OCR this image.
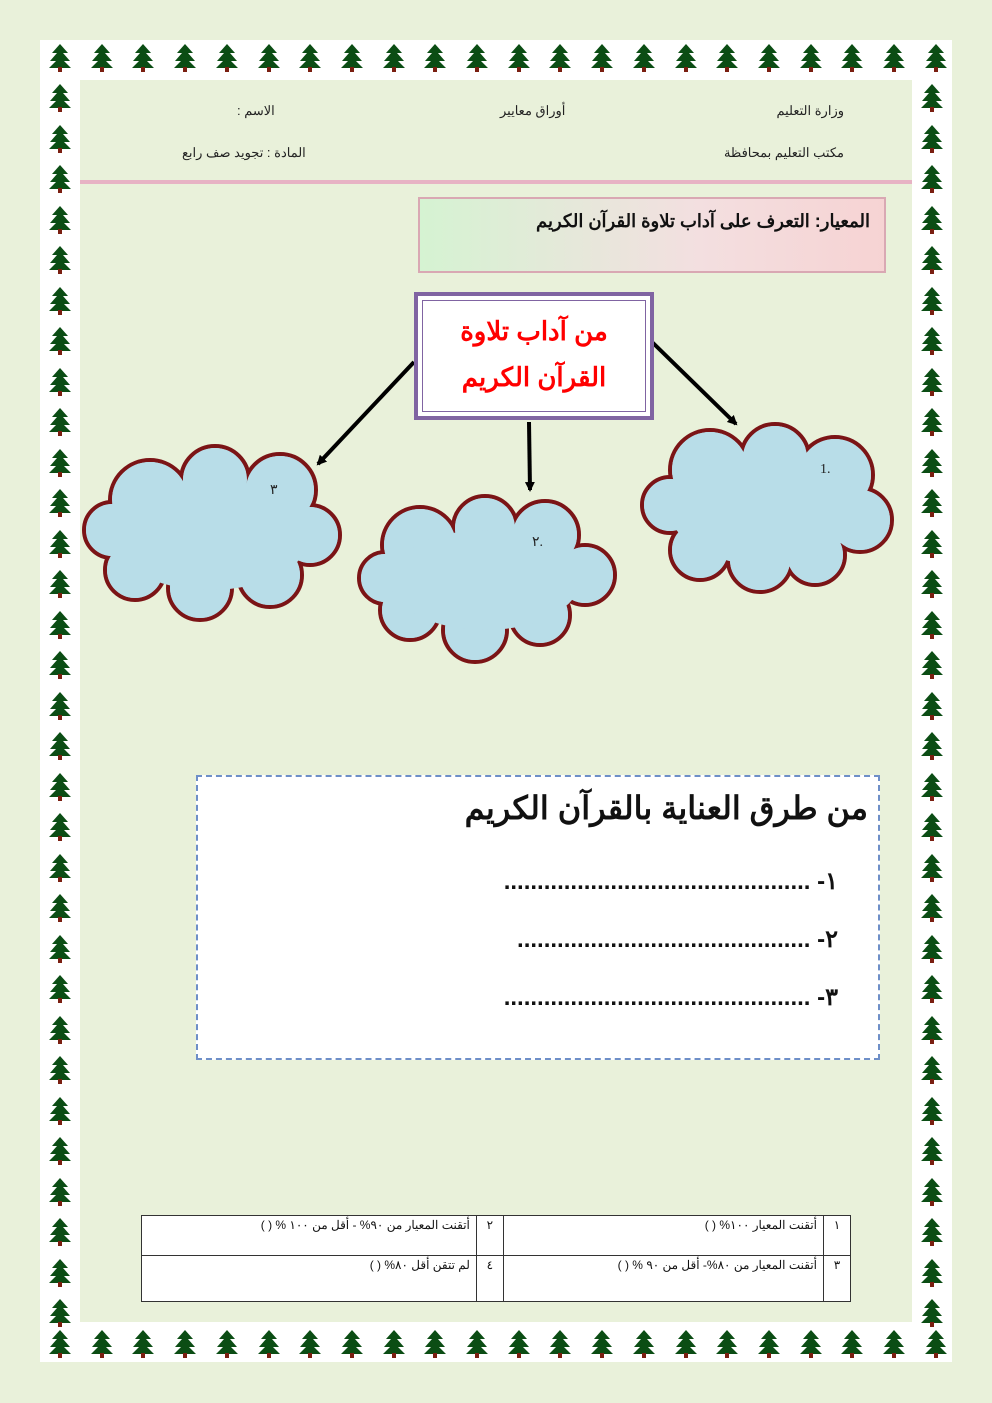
وزارة التعليم
أوراق معايير
الاسم :
مكتب التعليم بمحافظة
المادة : تجويد صف رابع
المعيار: التعرف على آداب تلاوة القرآن الكريم
1.
٢.
٣
من آداب تلاوة
القرآن الكريم
من طرق العناية بالقرآن الكريم
١- ..............................................
٢- ............................................
٣- ..............................................
١	أتقنت المعيار ١٠٠% ( )	٢	أتقنت المعيار من ٩٠% - أقل من ١٠٠ % ( )
٣	أتقنت المعيار من ٨٠%- أقل من ٩٠ % ( )	٤	لم تتقن أقل ٨٠% ( )
